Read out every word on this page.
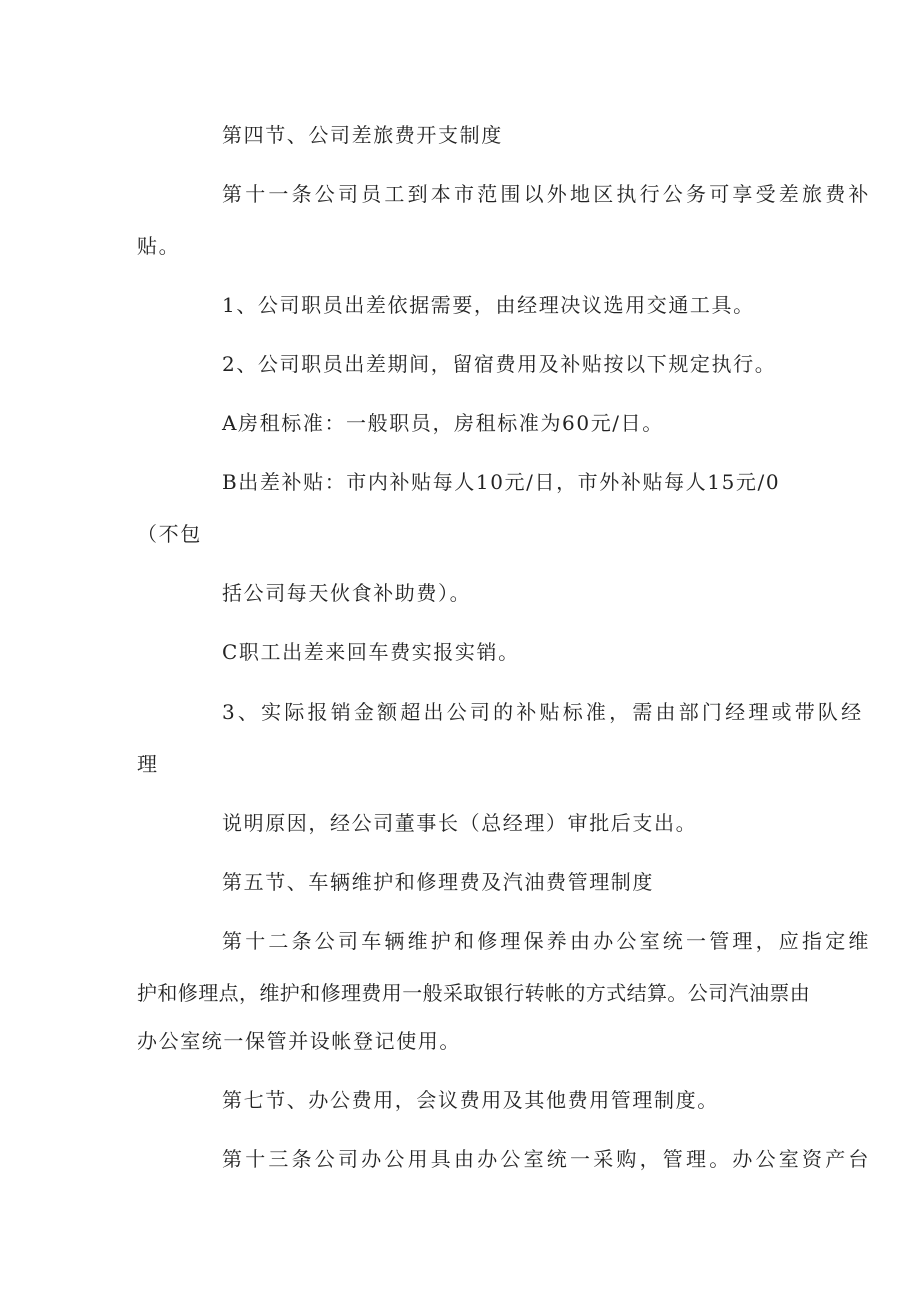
第四节、公司差旅费开支制度
第十一条公司员工到本市范围以外地区执行公务可享受差旅费补
贴。
1、公司职员出差依据需要，由经理决议选用交通工具。
2、公司职员出差期间，留宿费用及补贴按以下规定执行。
A房租标准：一般职员，房租标准为60元/日。
B出差补贴：市内补贴每人10元/日，市外补贴每人15元/0
（不包
括公司每天伙食补助费）。
C职工出差来回车费实报实销。
3、实际报销金额超出公司的补贴标准，需由部门经理或带队经
理
说明原因，经公司董事长（总经理）审批后支出。
第五节、车辆维护和修理费及汽油费管理制度
第十二条公司车辆维护和修理保养由办公室统一管理，应指定维
护和修理点，维护和修理费用一般采取银行转帐的方式结算。公司汽油票由
办公室统一保管并设帐登记使用。
第七节、办公费用，会议费用及其他费用管理制度。
第十三条公司办公用具由办公室统一采购，管理。办公室资产台
